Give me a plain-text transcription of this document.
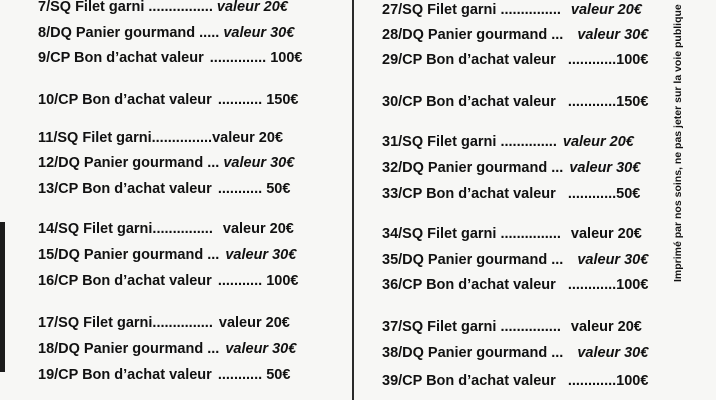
7/SQ Filet garni ................ valeur 20€
8/DQ Panier gourmand ..... valeur 30€
9/CP Bon d’achat valeur .............. 100€
10/CP Bon d’achat valeur ........... 150€
11/SQ Filet garni...............valeur 20€
12/DQ Panier gourmand ... valeur 30€
13/CP Bon d’achat valeur ........... 50€
14/SQ Filet garni............... valeur 20€
15/DQ Panier gourmand ... valeur 30€
16/CP Bon d’achat valeur ........... 100€
17/SQ Filet garni............... valeur 20€
18/DQ Panier gourmand ... valeur 30€
19/CP Bon d’achat valeur ........... 50€
27/SQ Filet garni ............... valeur 20€
28/DQ Panier gourmand ... valeur 30€
29/CP Bon d’achat valeur ............100€
30/CP Bon d’achat valeur ............150€
31/SQ Filet garni .............. valeur 20€
32/DQ Panier gourmand ... valeur 30€
33/CP Bon d’achat valeur ............50€
34/SQ Filet garni ............... valeur 20€
35/DQ Panier gourmand ... valeur 30€
36/CP Bon d’achat valeur ............100€
37/SQ Filet garni ............... valeur 20€
38/DQ Panier gourmand ... valeur 30€
39/CP Bon d’achat valeur ............100€
Imprimé par nos soins, ne pas jeter sur la voie publique
